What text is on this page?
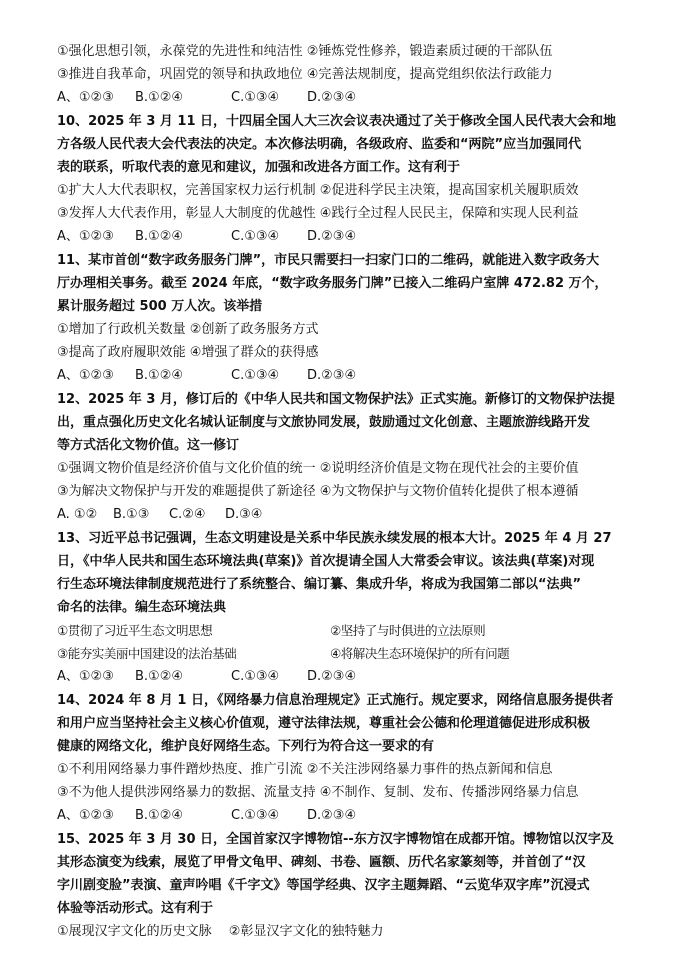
①强化思想引领，永葆党的先进性和纯洁性 ②锤炼党性修养，锻造素质过硬的干部队伍
③推进自我革命，巩固党的领导和执政地位 ④完善法规制度，提高党组织依法行政能力
A、①②③ B.①②④	C.①③④ D.②③④
10、2025 年 3 月 11 日，十四届全国人大三次会议表决通过了关于修改全国人民代表大会和地
方各级人民代表大会代表法的决定。本次修法明确，各级政府、监委和“两院”应当加强同代
表的联系，听取代表的意见和建议，加强和改进各方面工作。这有利于
①扩大人大代表职权，完善国家权力运行机制 ②促进科学民主决策，提高国家机关履职质效
③发挥人大代表作用，彰显人大制度的优越性 ④践行全过程人民民主，保障和实现人民利益
A、①②③ B.①②④	C.①③④ D.②③④
11、某市首创“数字政务服务门牌”，市民只需要扫一扫家门口的二维码，就能进入数字政务大
厅办理相关事务。截至 2024 年底，“数字政务服务门牌”已接入二维码户室牌 472.82 万个，
累计服务超过 500 万人次。该举措
①增加了行政机关数量 ②创新了政务服务方式
③提高了政府履职效能 ④增强了群众的获得感
A、①②③ B.①②④	C.①③④ D.②③④
12、2025 年 3 月，修订后的《中华人民共和国文物保护法》正式实施。新修订的文物保护法提
出，重点强化历史文化名城认证制度与文旅协同发展，鼓励通过文化创意、主题旅游线路开发
等方式活化文物价值。这一修订
①强调文物价值是经济价值与文化价值的统一 ②说明经济价值是文物在现代社会的主要价值
③为解决文物保护与开发的难题提供了新途径 ④为文物保护与文物价值转化提供了根本遵循
A. ①② B.①③ C.②④ D.③④
13、习近平总书记强调，生态文明建设是关系中华民族永续发展的根本大计。2025 年 4 月 27
日，《中华人民共和国生态环境法典(草案)》首次提请全国人大常委会审议。该法典(草案)对现
行生态环境法律制度规范进行了系统整合、编订纂、集成升华，将成为我国第二部以“法典”
命名的法律。编生态环境法典
①贯彻了习近平生态文明思想	②坚持了与时俱进的立法原则
③能夯实美丽中国建设的法治基础	④将解决生态环境保护的所有问题
A、①②③ B.①②④	C.①③④ D.②③④
14、2024 年 8 月 1 日，《网络暴力信息治理规定》正式施行。规定要求，网络信息服务提供者
和用户应当坚持社会主义核心价值观，遵守法律法规，尊重社会公德和伦理道德促进形成积极
健康的网络文化，维护良好网络生态。下列行为符合这一要求的有
①不利用网络暴力事件蹭炒热度、推广引流 ②不关注涉网络暴力事件的热点新闻和信息
③不为他人提供涉网络暴力的数据、流量支持 ④不制作、复制、发布、传播涉网络暴力信息
A、①②③ B.①②④	C.①③④ D.②③④
15、2025 年 3 月 30 日，全国首家汉字博物馆--东方汉字博物馆在成都开馆。博物馆以汉字及
其形态演变为线索，展览了甲骨文龟甲、碑刻、书卷、匾额、历代名家篆刻等，并首创了“汉
字川剧变脸”表演、童声吟唱《千字文》等国学经典、汉字主题舞蹈、“云览华双字库”沉浸式
体验等活动形式。这有利于
①展现汉字文化的历史文脉　 ②彰显汉字文化的独特魅力
